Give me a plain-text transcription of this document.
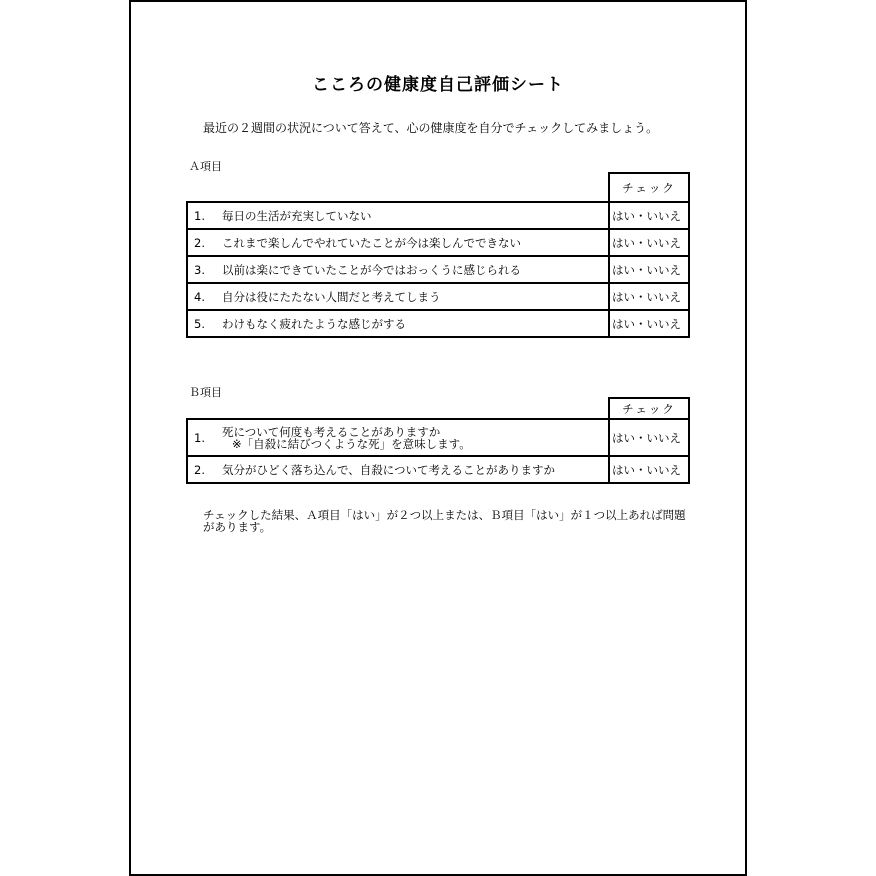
こころの健康度自己評価シート
最近の２週間の状況について答えて、心の健康度を自分でチェックしてみましょう。
Ａ項目
		チェック
1.	毎日の生活が充実していない	はい・いいえ
2.	これまで楽しんでやれていたことが今は楽しんでできない	はい・いいえ
3.	以前は楽にできていたことが今ではおっくうに感じられる	はい・いいえ
4.	自分は役にたたない人間だと考えてしまう	はい・いいえ
5.	わけもなく疲れたような感じがする	はい・いいえ
Ｂ項目
		チェック
1.	死について何度も考えることがありますか
※「自殺に結びつくような死」を意味します。	はい・いいえ
2.	気分がひどく落ち込んで、自殺について考えることがありますか	はい・いいえ
チェックした結果、Ａ項目「はい」が２つ以上または、Ｂ項目「はい」が１つ以上あれば問題があります。
